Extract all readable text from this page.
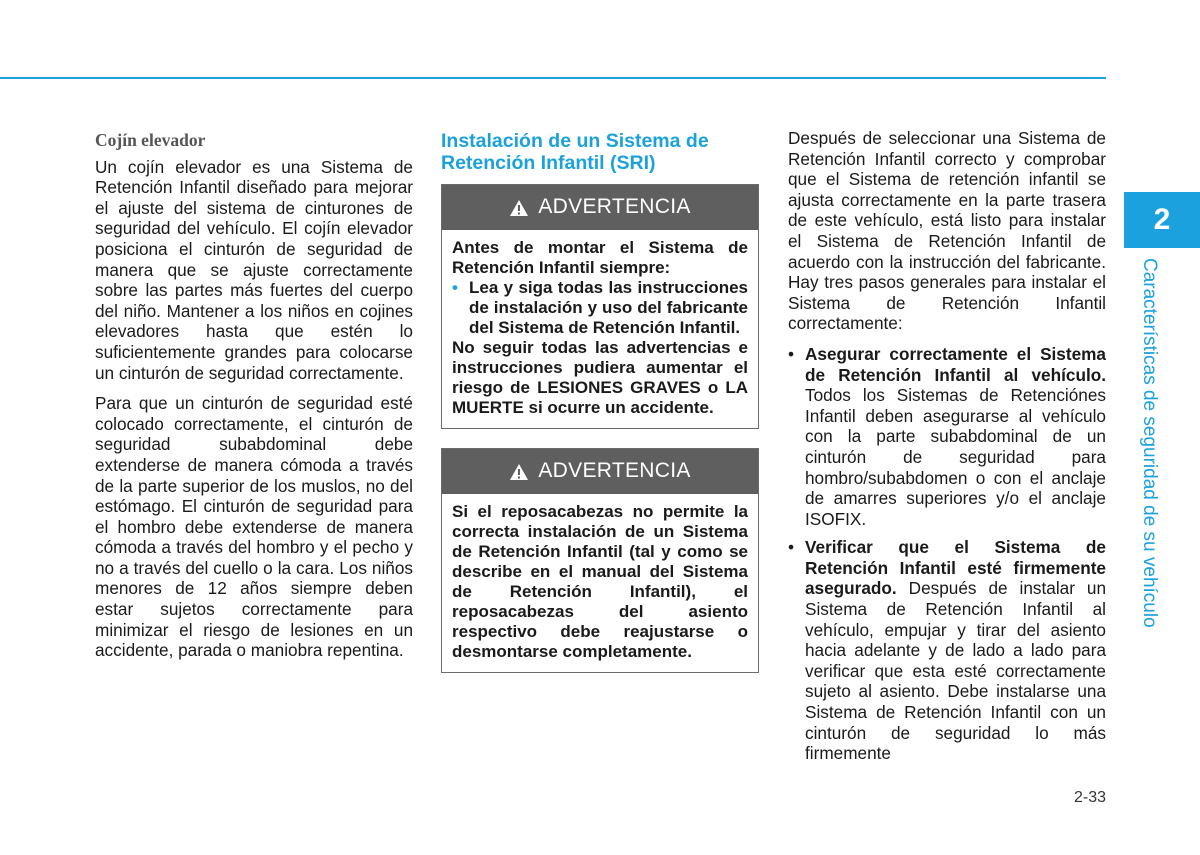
Cojín elevador

Un cojín elevador es una Sistema de Retención Infantil diseñado para mejorar el ajuste del sistema de cinturones de seguridad del vehículo. El cojín elevador posiciona el cinturón de seguridad de manera que se ajuste correctamente sobre las partes más fuertes del cuerpo del niño. Mantener a los niños en cojines elevadores hasta que estén lo suficientemente grandes para colocarse un cinturón de seguridad correctamente.

Para que un cinturón de seguridad esté colocado correctamente, el cinturón de seguridad subabdominal debe extenderse de manera cómoda a través de la parte superior de los muslos, no del estómago. El cinturón de seguridad para el hombro debe extenderse de manera cómoda a través del hombro y el pecho y no a través del cuello o la cara. Los niños menores de 12 años siempre deben estar sujetos correctamente para minimizar el riesgo de lesiones en un accidente, parada o maniobra repentina.

Instalación de un Sistema de Retención Infantil (SRI)
ADVERTENCIA

Antes de montar el Sistema de Retención Infantil siempre:

• Lea y siga todas las instrucciones de instalación y uso del fabricante del Sistema de Retención Infantil.

No seguir todas las advertencias e instrucciones pudiera aumentar el riesgo de LESIONES GRAVES o LA MUERTE si ocurre un accidente.

ADVERTENCIA

Si el reposacabezas no permite la correcta instalación de un Sistema de Retención Infantil (tal y como se describe en el manual del Sistema de Retención Infantil), el reposacabezas del asiento respectivo debe reajustarse o desmontarse completamente.

Después de seleccionar una Sistema de Retención Infantil correcto y comprobar que el Sistema de retención infantil se ajusta correctamente en la parte trasera de este vehículo, está listo para instalar el Sistema de Retención Infantil de acuerdo con la instrucción del fabricante. Hay tres pasos generales para instalar el Sistema de Retención Infantil correctamente:

• Asegurar correctamente el Sistema de Retención Infantil al vehículo. Todos los Sistemas de Retenciónes Infantil deben asegurarse al vehículo con la parte subabdominal de un cinturón de seguridad para hombro/subabdomen o con el anclaje de amarres superiores y/o el anclaje ISOFIX.
• Verificar que el Sistema de Retención Infantil esté firmemente asegurado. Después de instalar un Sistema de Retención Infantil al vehículo, empujar y tirar del asiento hacia adelante y de lado a lado para verificar que esta esté correctamente sujeto al asiento. Debe instalarse una Sistema de Retención Infantil con un cinturón de seguridad lo más firmemente
2
Características de seguridad de su vehículo
2-33
